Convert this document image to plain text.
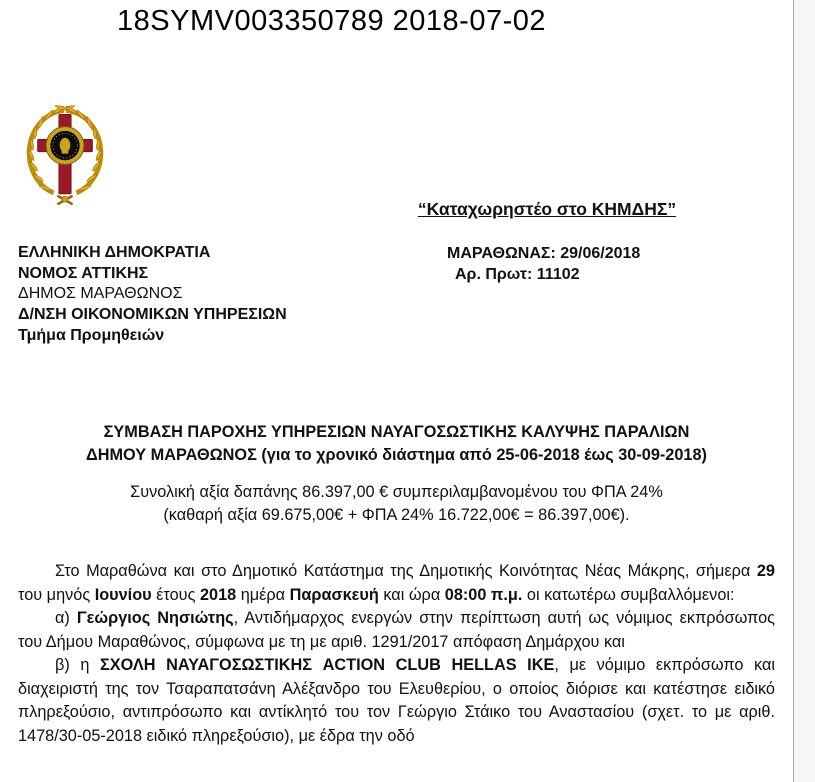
18SYMV003350789 2018-07-02
“Καταχωρηστέο στο ΚΗΜΔΗΣ”
ΕΛΛΗΝΙΚΗ ΔΗΜΟΚΡΑΤΙΑ
ΝΟΜΟΣ ΑΤΤΙΚΗΣ
ΔΗΜΟΣ ΜΑΡΑΘΩΝΟΣ
Δ/ΝΣΗ ΟΙΚΟΝΟΜΙΚΩΝ ΥΠΗΡΕΣΙΩΝ
Τμήμα Προμηθειών
ΜΑΡΑΘΩΝΑΣ: 29/06/2018
Αρ. Πρωτ: 11102
ΣΥΜΒΑΣΗ ΠΑΡΟΧΗΣ ΥΠΗΡΕΣΙΩΝ ΝΑΥΑΓΟΣΩΣΤΙΚΗΣ ΚΑΛΥΨΗΣ ΠΑΡΑΛΙΩΝ
ΔΗΜΟΥ ΜΑΡΑΘΩΝΟΣ (για το χρονικό διάστημα από 25-06-2018 έως 30-09-2018)
Συνολική αξία δαπάνης 86.397,00 € συμπεριλαμβανομένου του ΦΠΑ 24%
(καθαρή αξία 69.675,00€ + ΦΠΑ 24% 16.722,00€ = 86.397,00€).

Στο Μαραθώνα και στο Δημοτικό Κατάστημα της Δημοτικής Κοινότητας Νέας Μάκρης, σήμερα 29 του μηνός Ιουνίου έτους 2018 ημέρα Παρασκευή και ώρα 08:00 π.μ. οι κατωτέρω συμβαλλόμενοι:

α) Γεώργιος Νησιώτης, Αντιδήμαρχος ενεργών στην περίπτωση αυτή ως νόμιμος εκπρόσωπος του Δήμου Μαραθώνος, σύμφωνα με τη με αριθ. 1291/2017 απόφαση Δημάρχου και

β) η ΣΧΟΛΗ ΝΑΥΑΓΟΣΩΣΤΙΚΗΣ ACTION CLUB HELLAS ΙΚΕ, με νόμιμο εκπρόσωπο και διαχειριστή της τον Τσαραπατσάνη Αλέξανδρο του Ελευθερίου, ο οποίος διόρισε και κατέστησε ειδικό πληρεξούσιο, αντιπρόσωπο και αντίκλητό του τον Γεώργιο Στάικο του Αναστασίου (σχετ. το με αριθ. 1478/30-05-2018 ειδικό πληρεξούσιο), με έδρα την οδό
